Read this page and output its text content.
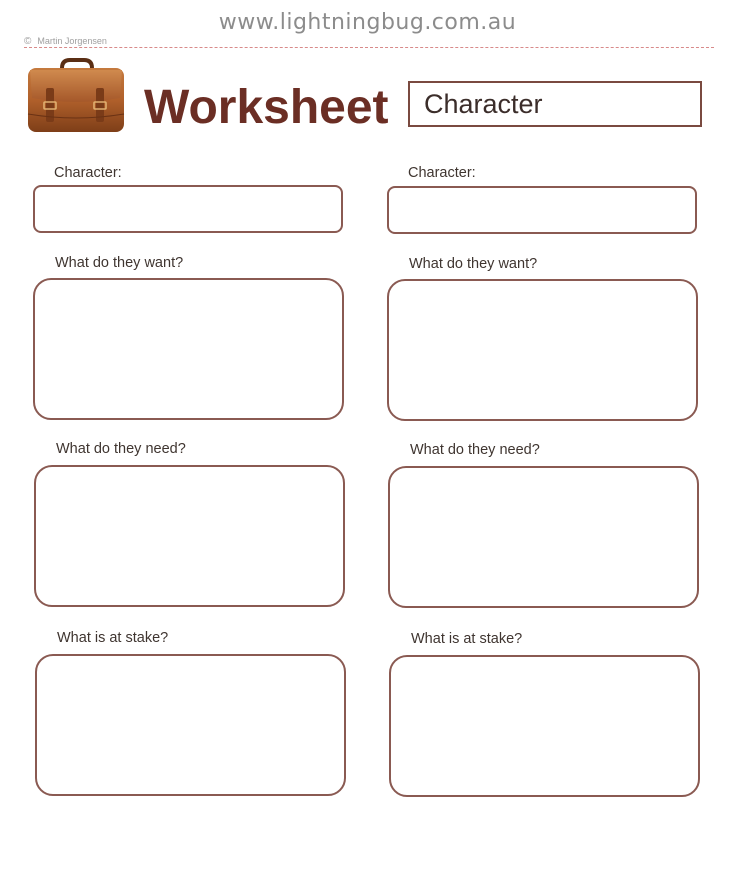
www.lightningbug.com.au
© Martin Jorgensen
Worksheet	Character
Character:
What do they want?
What do they need?
What is at stake?
Character:
What do they want?
What do they need?
What is at stake?
